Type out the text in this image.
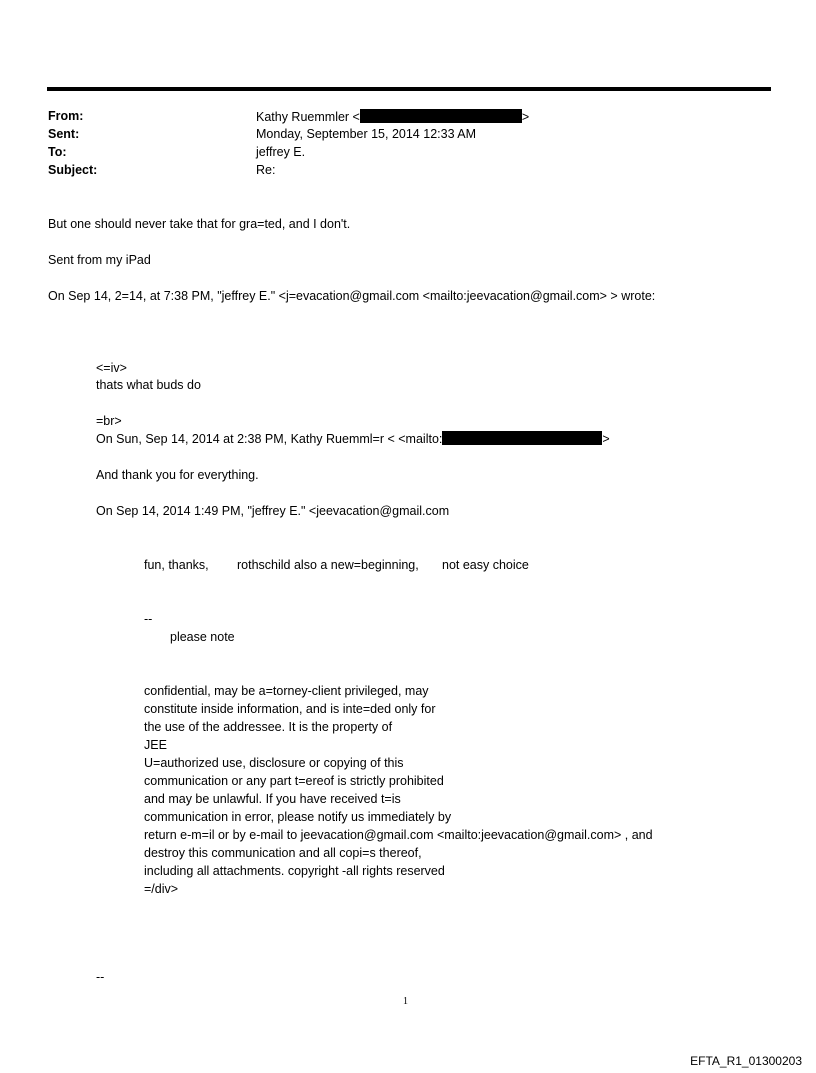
From:	Kathy Ruemmler <	>
Sent:	Monday, September 15, 2014 12:33 AM
To:	jeffrey E.
Subject:	Re:
But one should never take that for gra=ted, and I don't.
Sent from my iPad
On Sep 14, 2=14, at 7:38 PM, "jeffrey E." <j=evacation@gmail.com <mailto:jeevacation@gmail.com> > wrote:
<=iv>
thats what buds do
=br>
On Sun, Sep 14, 2014 at 2:38 PM, Kathy Ruemml=r < <mailto:	>
And thank you for everything.
On Sep 14, 2014 1:49 PM, "jeffrey E." <jeevacation@gmail.com
fun, thanks, rothschild also a new=beginning, not easy choice
--
please note
confidential, may be a=torney-client privileged, may
constitute inside information, and is inte=ded only for
the use of the addressee. It is the property of
JEE
U=authorized use, disclosure or copying of this
communication or any part t=ereof is strictly prohibited
and may be unlawful. If you have received t=is
communication in error, please notify us immediately by
return e-m=il or by e-mail to jeevacation@gmail.com <mailto:jeevacation@gmail.com> , and
destroy this communication and all copi=s thereof,
including all attachments. copyright -all rights reserved
=/div>
--
1
EFTA_R1_01300203
